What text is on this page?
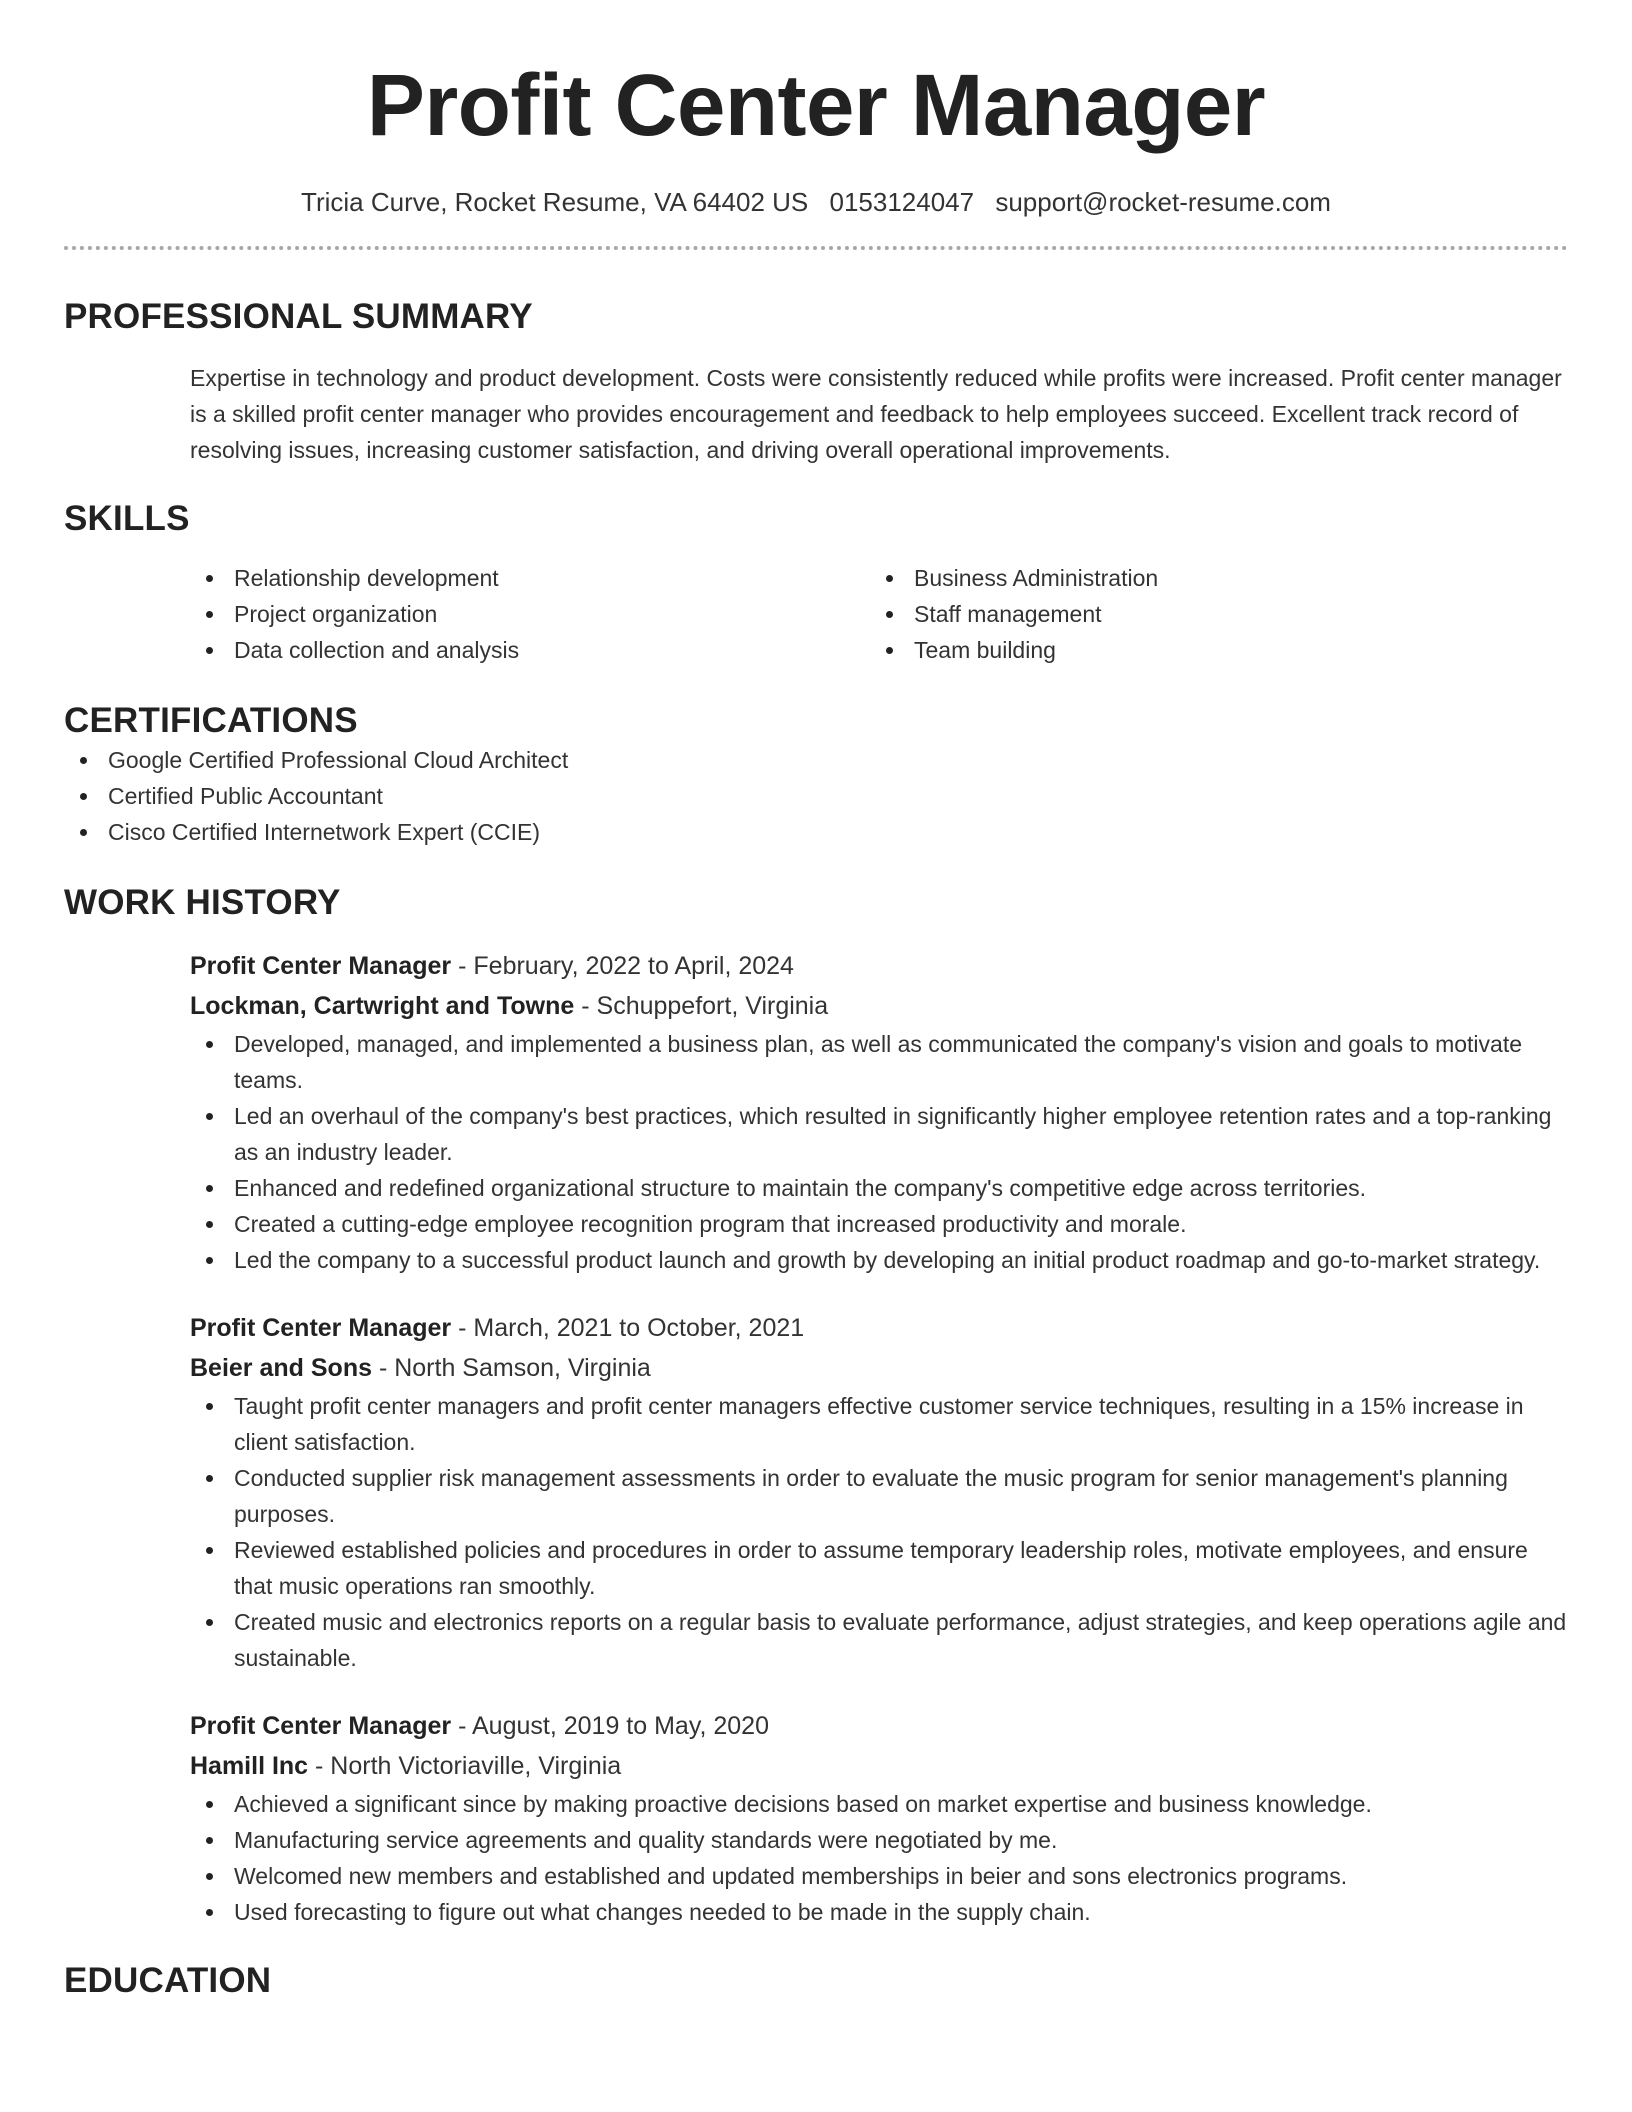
Profit Center Manager
Tricia Curve, Rocket Resume, VA 64402 US 0153124047 support@rocket-resume.com
PROFESSIONAL SUMMARY
Expertise in technology and product development. Costs were consistently reduced while profits were increased. Profit center manager is a skilled profit center manager who provides encouragement and feedback to help employees succeed. Excellent track record of resolving issues, increasing customer satisfaction, and driving overall operational improvements.
SKILLS
Relationship development
Project organization
Data collection and analysis
Business Administration
Staff management
Team building
CERTIFICATIONS
Google Certified Professional Cloud Architect
Certified Public Accountant
Cisco Certified Internetwork Expert (CCIE)
WORK HISTORY
Profit Center Manager - February, 2022 to April, 2024
Lockman, Cartwright and Towne - Schuppefort, Virginia
Developed, managed, and implemented a business plan, as well as communicated the company's vision and goals to motivate teams.
Led an overhaul of the company's best practices, which resulted in significantly higher employee retention rates and a top-ranking as an industry leader.
Enhanced and redefined organizational structure to maintain the company's competitive edge across territories.
Created a cutting-edge employee recognition program that increased productivity and morale.
Led the company to a successful product launch and growth by developing an initial product roadmap and go-to-market strategy.
Profit Center Manager - March, 2021 to October, 2021
Beier and Sons - North Samson, Virginia
Taught profit center managers and profit center managers effective customer service techniques, resulting in a 15% increase in client satisfaction.
Conducted supplier risk management assessments in order to evaluate the music program for senior management's planning purposes.
Reviewed established policies and procedures in order to assume temporary leadership roles, motivate employees, and ensure that music operations ran smoothly.
Created music and electronics reports on a regular basis to evaluate performance, adjust strategies, and keep operations agile and sustainable.
Profit Center Manager - August, 2019 to May, 2020
Hamill Inc - North Victoriaville, Virginia
Achieved a significant since by making proactive decisions based on market expertise and business knowledge.
Manufacturing service agreements and quality standards were negotiated by me.
Welcomed new members and established and updated memberships in beier and sons electronics programs.
Used forecasting to figure out what changes needed to be made in the supply chain.
EDUCATION
